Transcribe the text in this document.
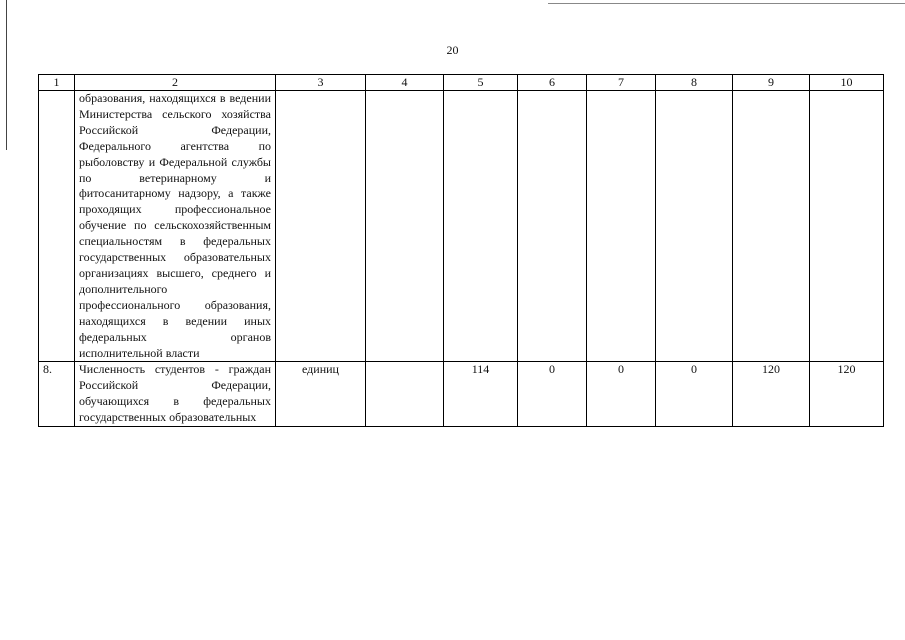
20
1	2	3	4	5	6	7	8	9	10
	образования, находящихся в ведении Министерства сельского хозяйства Российской Федерации, Федерального агентства по рыболовству и Федеральной службы по ветеринарному и фитосанитарному надзору, а также проходящих профессиональное обучение по сельскохозяйственным специальностям в федеральных государственных образовательных организациях высшего, среднего и дополнительного профессионального образования, находящихся в ведении иных федеральных органов исполнительной власти								
8.	Численность студентов - граждан Российской Федерации, обучающихся в федеральных государственных образовательных	единиц		114	0	0	0	120	120
